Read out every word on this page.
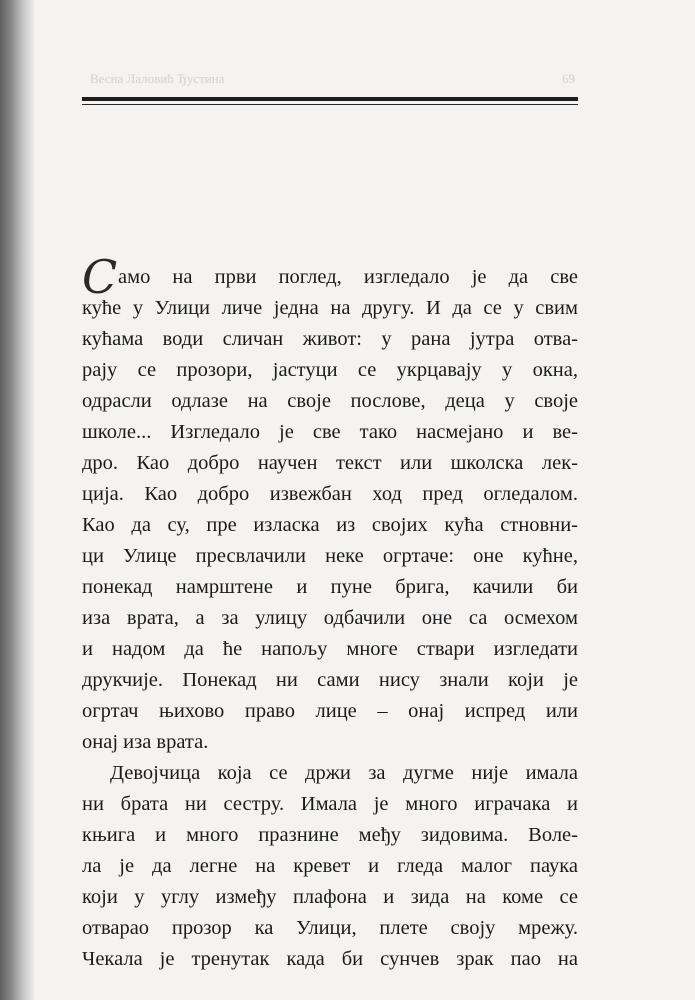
Весна Лаловић Ђустина	69
С амо на први поглед, изгледало је да све
куће у Улици личе једна на другу. И да се у свим
кућама води сличан живот: у рана јутра отва-
рају се прозори, јастуци се укрцавају у окна,
одрасли одлазе на своје послове, деца у своје
школе... Изгледало је све тако насмејано и ве-
дро. Као добро научен текст или школска лек-
ција. Као добро извежбан ход пред огледалом.
Као да су, пре изласка из својих кућа стновни-
ци Улице пресвлачили неке огртаче: оне кућне,
понекад намрштене и пуне брига, качили би
иза врата, а за улицу одбачили оне са осмехом
и надом да ће напољу многе ствари изгледати
друкчије. Понекад ни сами нису знали који је
огртач њихово право лице – онај испред или
онај иза врата.
Девојчица која се држи за дугме није имала
ни брата ни сестру. Имала је много играчака и
књига и много празнине међу зидовима. Воле-
ла је да легне на кревет и гледа малог паука
који у углу између плафона и зида на коме се
отварао прозор ка Улици, плете своју мрежу.
Чекала је тренутак када би сунчев зрак пао на
